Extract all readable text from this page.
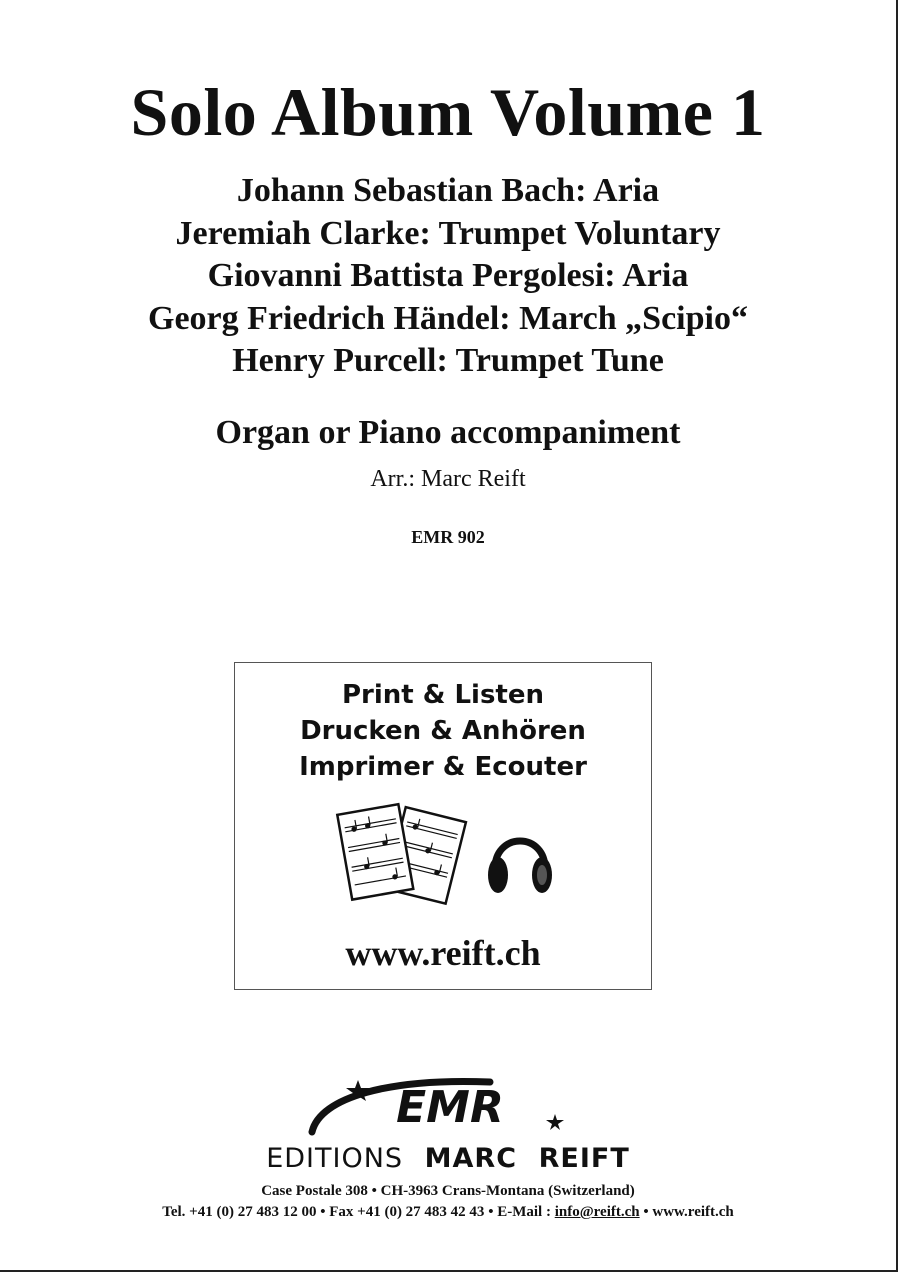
Solo Album Volume 1
Johann Sebastian Bach: Aria
Jeremiah Clarke: Trumpet Voluntary
Giovanni Battista Pergolesi: Aria
Georg Friedrich Händel: March „Scipio“
Henry Purcell: Trumpet Tune
Organ or Piano accompaniment
Arr.: Marc Reift
EMR 902
Print & Listen
Drucken & Anhören
Imprimer & Ecouter
www.reift.ch
EMR
EDITIONS MARC REIFT
Case Postale 308 • CH-3963 Crans-Montana (Switzerland)
Tel. +41 (0) 27 483 12 00 • Fax +41 (0) 27 483 42 43 • E-Mail : info@reift.ch • www.reift.ch
